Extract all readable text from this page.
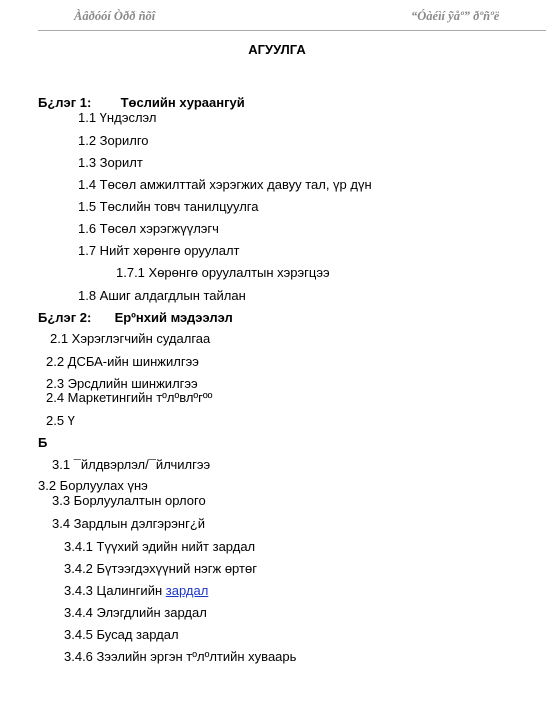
Àâðóóí Òðð ñõî	“Óàéìí ỹåº” ðºñºë
АГУУЛГА
Б¿лэг 1: Төслийн хураангуй
1.1 Үндэслэл
1.2 Зорилго
1.3 Зорилт
1.4 Төсөл амжилттай хэрэгжих давуу тал, үр дүн
1.5 Төслийн товч танилцуулга
1.6 Төсөл хэрэгжүүлэгч
1.7 Нийт хөрөнгө оруулалт
1.7.1 Хөрөнгө оруулалтын хэрэгцээ
1.8 Ашиг алдагдлын тайлан
Б¿лэг 2: Ерºнхий мэдээлэл
2.1 Хэрэглэгчийн судалгаа
2.2 ДСБА-ийн шинжилгээ
2.3 Эрсдлийн шинжилгээ
2.4 Маркетингийн тºлºвлºгºº
2.5 Ү
Б
3.1 ¯йлдвэрлэл/¯йлчилгээ
3.2 Борлуулах үнэ
3.3 Борлуулалтын орлого
3.4 Зардлын дэлгэрэнг¿й
3.4.1 Түүхий эдийн нийт зардал
3.4.2 Бүтээгдэхүүний нэгж өртөг
3.4.3 Цалингийн зардал
3.4.4 Элэгдлийн зардал
3.4.5 Бусад зардал
3.4.6 Зээлийн эргэн тºлºлтийн хуваарь
